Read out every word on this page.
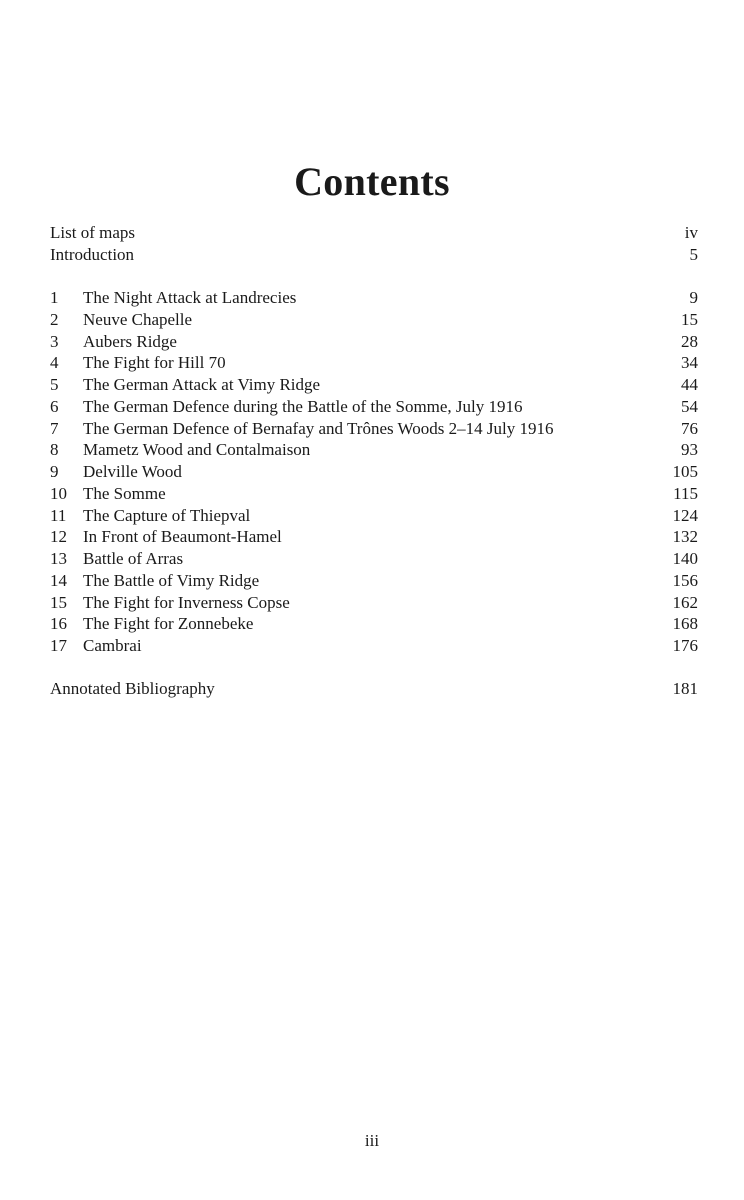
Contents
List of maps	iv
Introduction	5
1	The Night Attack at Landrecies	9
2	Neuve Chapelle	15
3	Aubers Ridge	28
4	The Fight for Hill 70	34
5	The German Attack at Vimy Ridge	44
6	The German Defence during the Battle of the Somme, July 1916	54
7	The German Defence of Bernafay and Trônes Woods 2–14 July 1916	76
8	Mametz Wood and Contalmaison	93
9	Delville Wood	105
10 The Somme	115
11 The Capture of Thiepval	124
12 In Front of Beaumont-Hamel	132
13 Battle of Arras	140
14 The Battle of Vimy Ridge	156
15 The Fight for Inverness Copse	162
16 The Fight for Zonnebeke	168
17 Cambrai	176
Annotated Bibliography	181
iii
